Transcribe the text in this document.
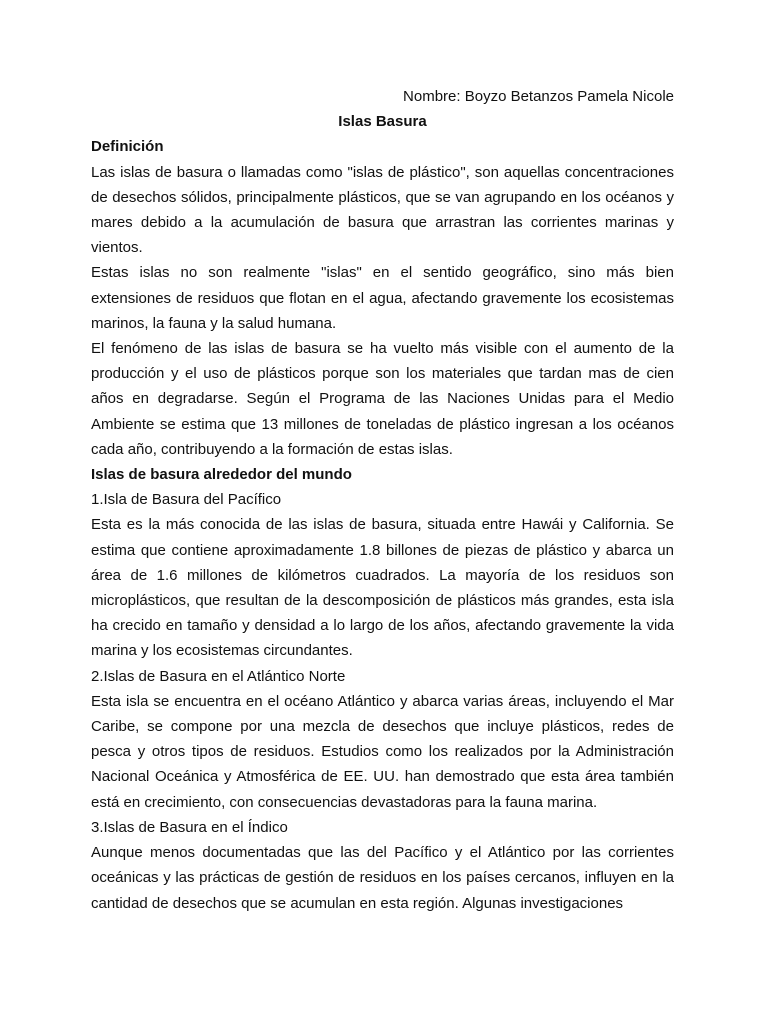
Nombre: Boyzo Betanzos Pamela Nicole

Islas Basura

Definición

Las islas de basura o llamadas como "islas de plástico", son aquellas concentraciones de desechos sólidos, principalmente plásticos, que se van agrupando en los océanos y mares debido a la acumulación de basura que arrastran las corrientes marinas y vientos.

Estas islas no son realmente "islas" en el sentido geográfico, sino más bien extensiones de residuos que flotan en el agua, afectando gravemente los ecosistemas marinos, la fauna y la salud humana.

El fenómeno de las islas de basura se ha vuelto más visible con el aumento de la producción y el uso de plásticos porque son los materiales que tardan mas de cien años en degradarse. Según el Programa de las Naciones Unidas para el Medio Ambiente se estima que 13 millones de toneladas de plástico ingresan a los océanos cada año, contribuyendo a la formación de estas islas.

Islas de basura alrededor del mundo

1.Isla de Basura del Pacífico

Esta es la más conocida de las islas de basura, situada entre Hawái y California. Se estima que contiene aproximadamente 1.8 billones de piezas de plástico y abarca un área de 1.6 millones de kilómetros cuadrados. La mayoría de los residuos son microplásticos, que resultan de la descomposición de plásticos más grandes, esta isla ha crecido en tamaño y densidad a lo largo de los años, afectando gravemente la vida marina y los ecosistemas circundantes.

2.Islas de Basura en el Atlántico Norte

Esta isla se encuentra en el océano Atlántico y abarca varias áreas, incluyendo el Mar Caribe, se compone por una mezcla de desechos que incluye plásticos, redes de pesca y otros tipos de residuos. Estudios como los realizados por la Administración Nacional Oceánica y Atmosférica de EE. UU. han demostrado que esta área también está en crecimiento, con consecuencias devastadoras para la fauna marina.

3.Islas de Basura en el Índico

Aunque menos documentadas que las del Pacífico y el Atlántico por las corrientes oceánicas y las prácticas de gestión de residuos en los países cercanos, influyen en la cantidad de desechos que se acumulan en esta región. Algunas investigaciones
